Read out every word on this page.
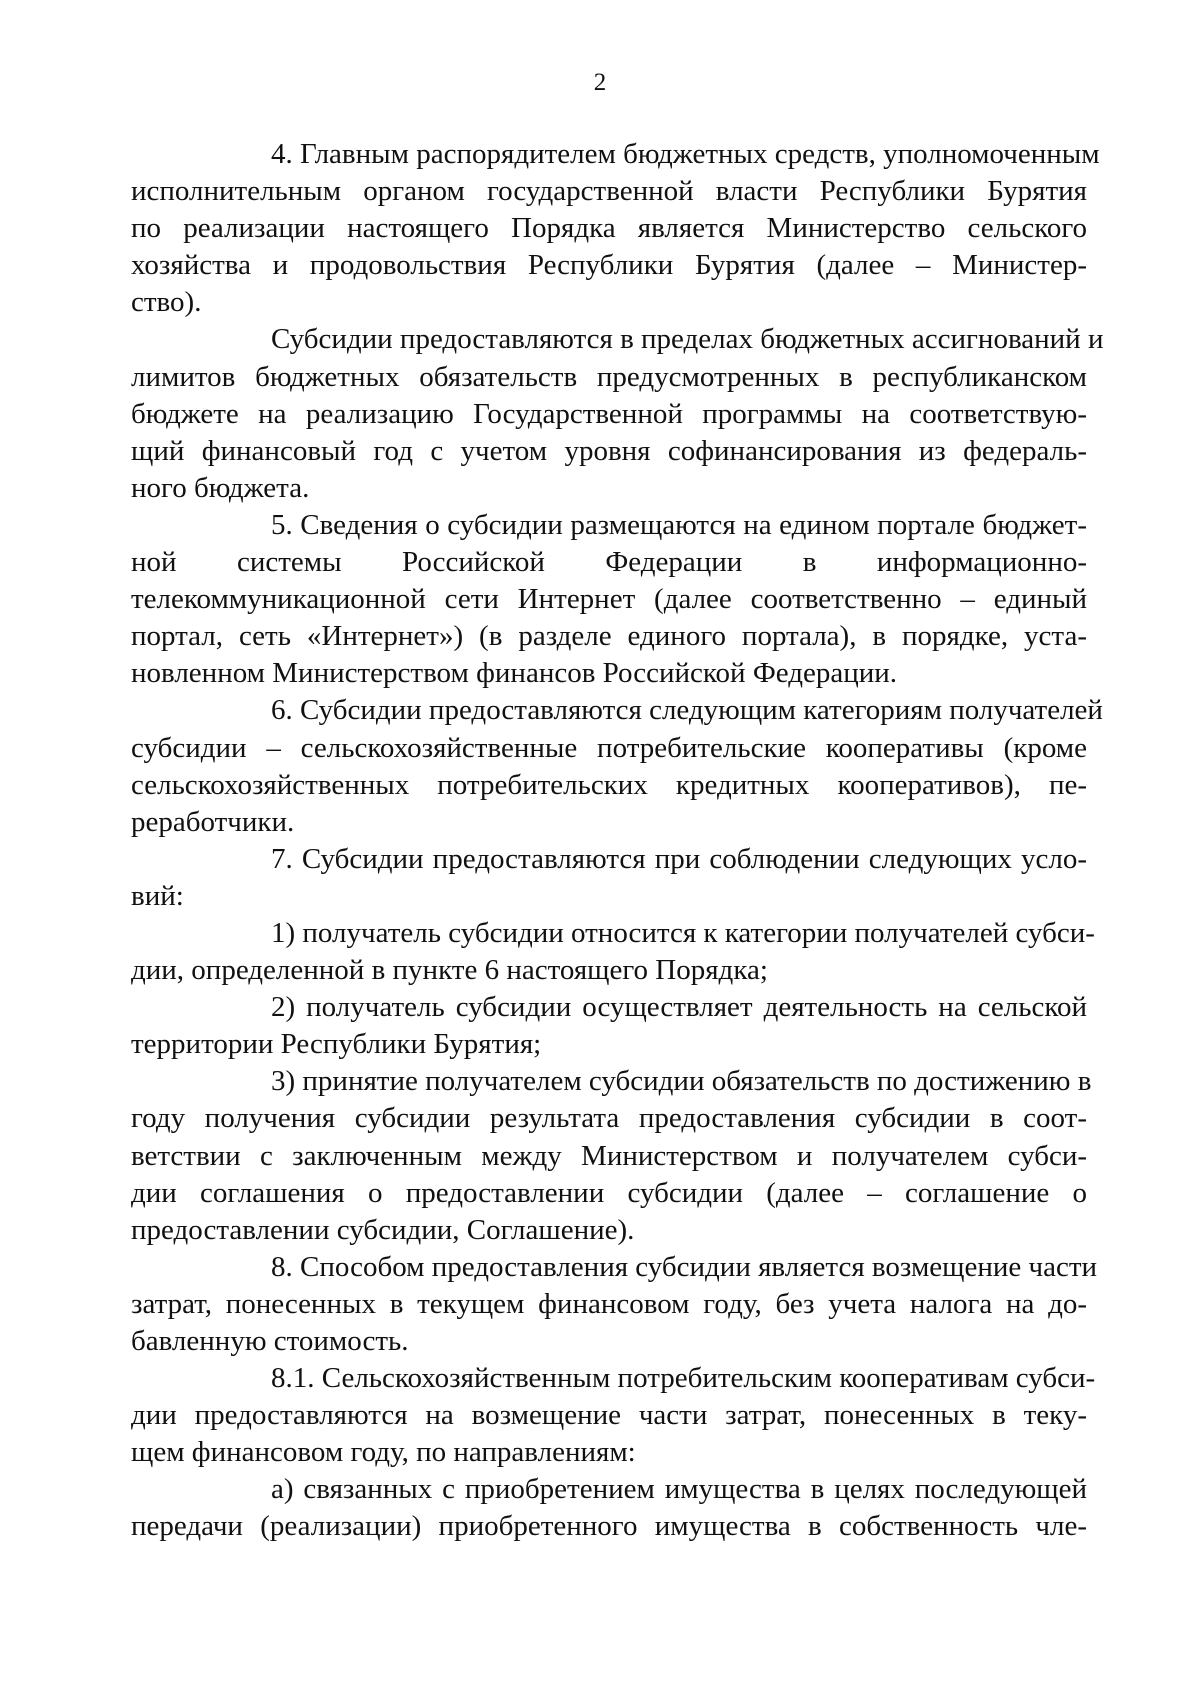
2
4. Главным распорядителем бюджетных средств, уполномоченным
исполнительным органом государственной власти Республики Бурятия
по реализации настоящего Порядка является Министерство сельского
хозяйства и продовольствия Республики Бурятия (далее – Министер-
ство).
Субсидии предоставляются в пределах бюджетных ассигнований и
лимитов бюджетных обязательств предусмотренных в республиканском
бюджете на реализацию Государственной программы на соответствую-
щий финансовый год с учетом уровня софинансирования из федераль-
ного бюджета.
5. Сведения о субсидии размещаются на едином портале бюджет-
ной системы Российской Федерации в информационно-
телекоммуникационной сети Интернет (далее соответственно – единый
портал, сеть «Интернет») (в разделе единого портала), в порядке, уста-
новленном Министерством финансов Российской Федерации.
6. Субсидии предоставляются следующим категориям получателей
субсидии – сельскохозяйственные потребительские кооперативы (кроме
сельскохозяйственных потребительских кредитных кооперативов), пе-
реработчики.
7. Субсидии предоставляются при соблюдении следующих усло-
вий:
1) получатель субсидии относится к категории получателей субси-
дии, определенной в пункте 6 настоящего Порядка;
2) получатель субсидии осуществляет деятельность на сельской
территории Республики Бурятия;
3) принятие получателем субсидии обязательств по достижению в
году получения субсидии результата предоставления субсидии в соот-
ветствии с заключенным между Министерством и получателем субси-
дии соглашения о предоставлении субсидии (далее – соглашение о
предоставлении субсидии, Соглашение).
8. Способом предоставления субсидии является возмещение части
затрат, понесенных в текущем финансовом году, без учета налога на до-
бавленную стоимость.
8.1. Сельскохозяйственным потребительским кооперативам субси-
дии предоставляются на возмещение части затрат, понесенных в теку-
щем финансовом году, по направлениям:
а) связанных с приобретением имущества в целях последующей
передачи (реализации) приобретенного имущества в собственность чле-
